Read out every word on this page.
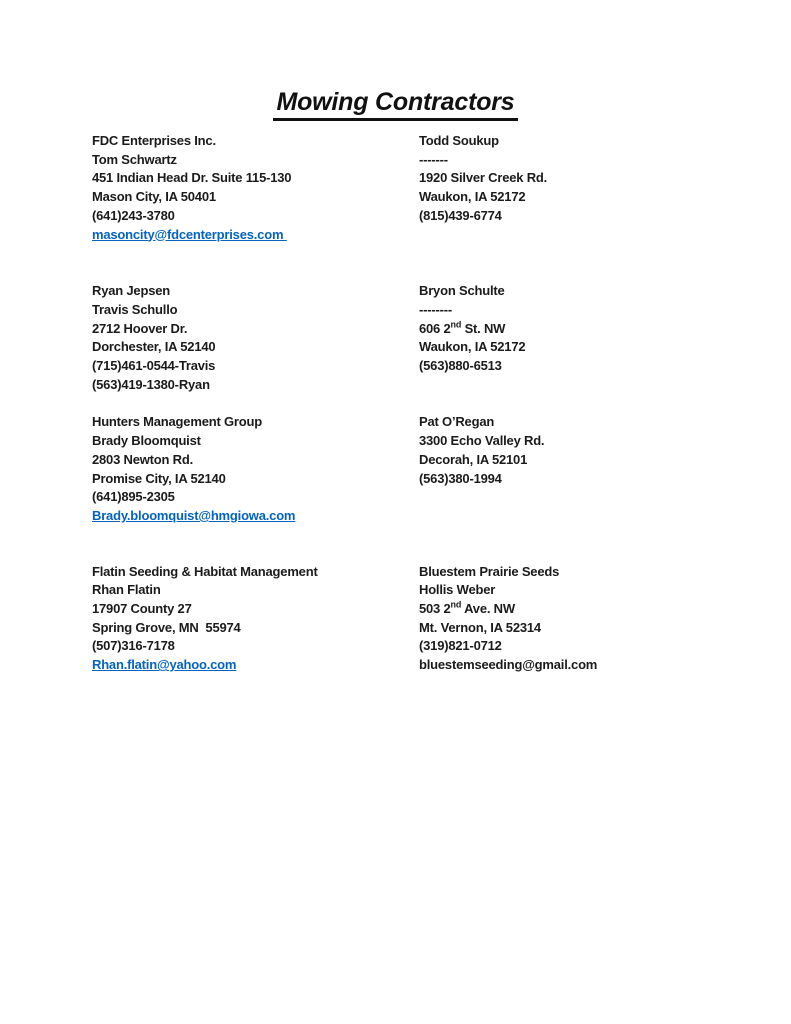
Mowing Contractors
FDC Enterprises Inc.
Tom Schwartz
451 Indian Head Dr. Suite 115-130
Mason City, IA 50401
(641)243-3780
masoncity@fdcenterprises.com
Todd Soukup
-------
1920 Silver Creek Rd.
Waukon, IA 52172
(815)439-6774
Ryan Jepsen
Travis Schullo
2712 Hoover Dr.
Dorchester, IA 52140
(715)461-0544-Travis
(563)419-1380-Ryan
Bryon Schulte
--------
606 2nd St. NW
Waukon, IA 52172
(563)880-6513
Hunters Management Group
Brady Bloomquist
2803 Newton Rd.
Promise City, IA 52140
(641)895-2305
Brady.bloomquist@hmgiowa.com
Pat O’Regan
3300 Echo Valley Rd.
Decorah, IA 52101
(563)380-1994
Flatin Seeding & Habitat Management
Rhan Flatin
17907 County 27
Spring Grove, MN  55974
(507)316-7178
Rhan.flatin@yahoo.com
Bluestem Prairie Seeds
Hollis Weber
503 2nd Ave. NW
Mt. Vernon, IA 52314
(319)821-0712
bluestemseeding@gmail.com
